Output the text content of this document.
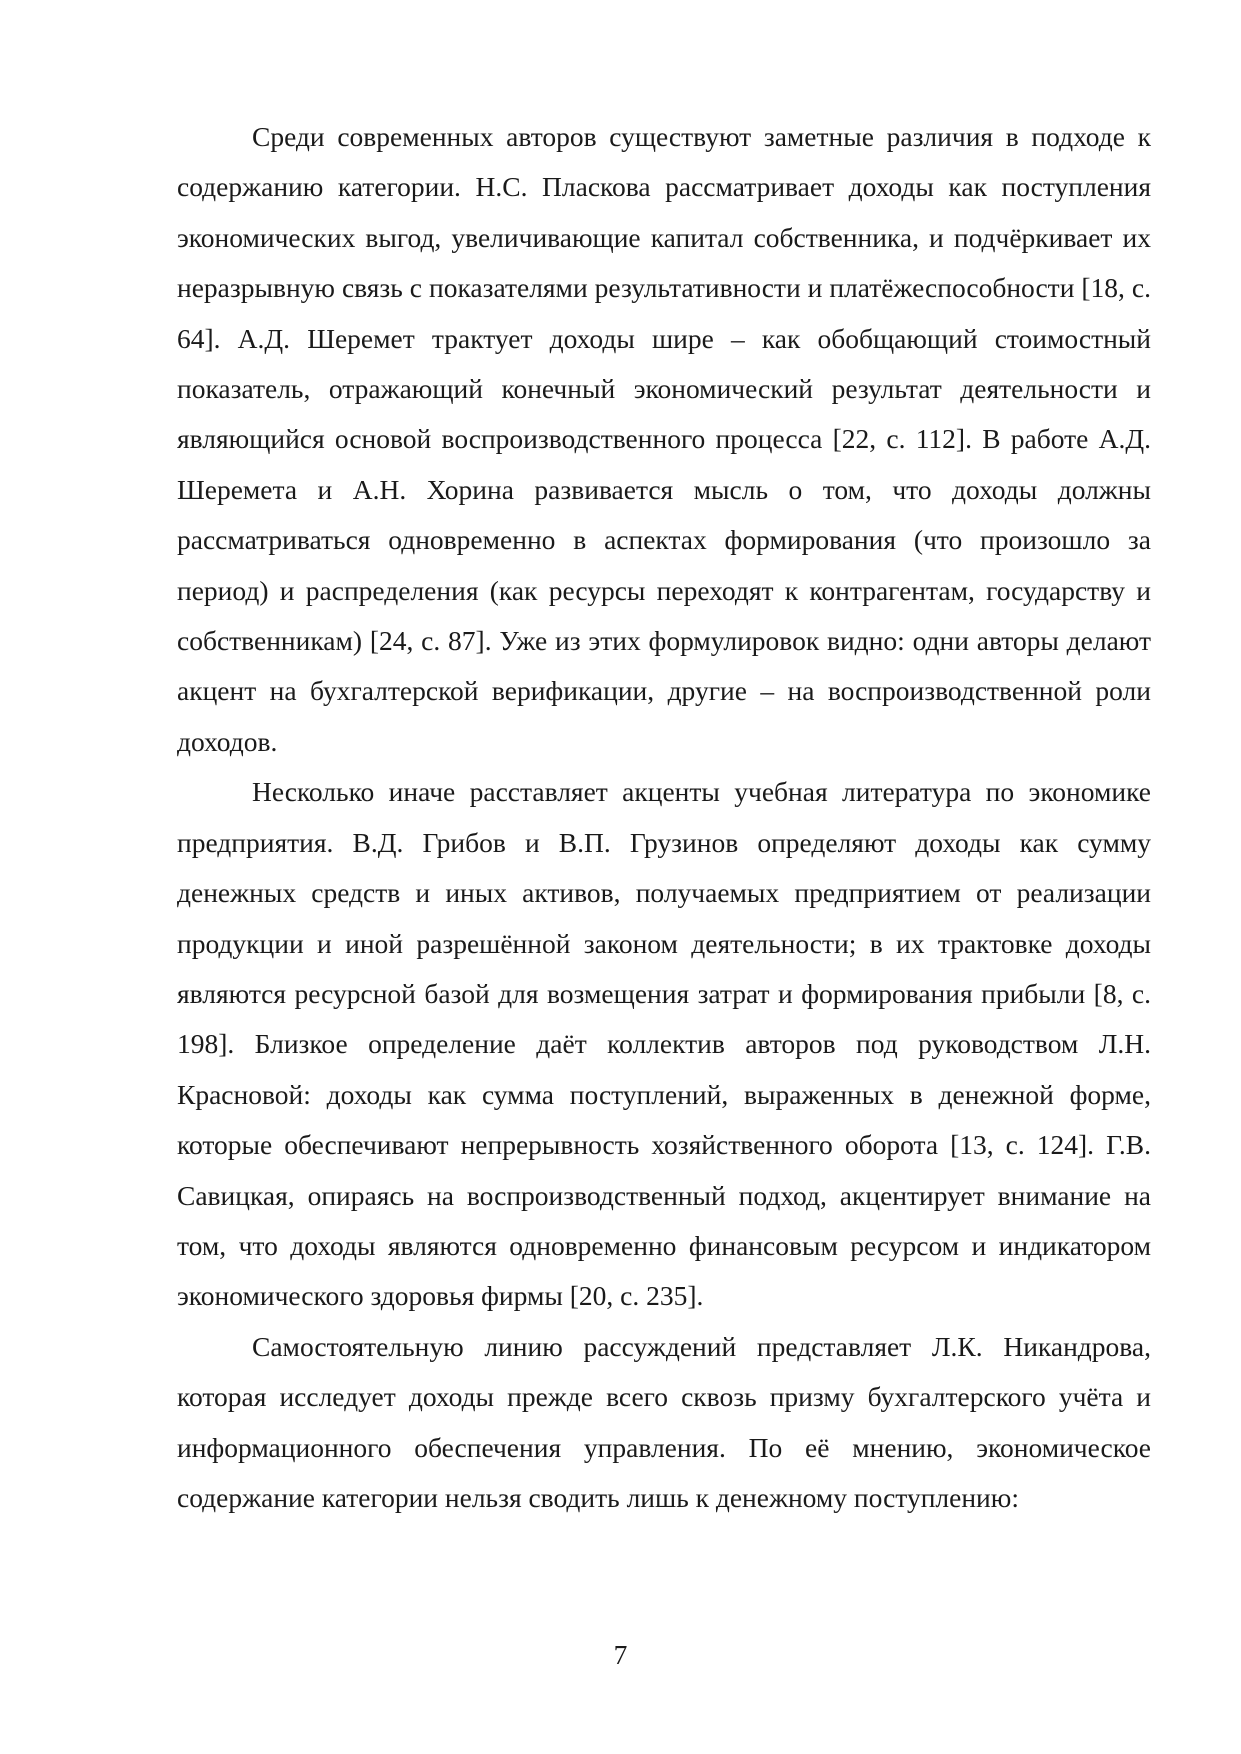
Среди современных авторов существуют заметные различия в подходе к содержанию категории. Н.С. Пласкова рассматривает доходы как поступления экономических выгод, увеличивающие капитал собственника, и подчёркивает их неразрывную связь с показателями результативности и платёжеспособности [18, с. 64]. А.Д. Шеремет трактует доходы шире – как обобщающий стоимостный показатель, отражающий конечный экономический результат деятельности и являющийся основой воспроизводственного процесса [22, с. 112]. В работе А.Д. Шеремета и А.Н. Хорина развивается мысль о том, что доходы должны рассматриваться одновременно в аспектах формирования (что произошло за период) и распределения (как ресурсы переходят к контрагентам, государству и собственникам) [24, с. 87]. Уже из этих формулировок видно: одни авторы делают акцент на бухгалтерской верификации, другие – на воспроизводственной роли доходов.

Несколько иначе расставляет акценты учебная литература по экономике предприятия. В.Д. Грибов и В.П. Грузинов определяют доходы как сумму денежных средств и иных активов, получаемых предприятием от реализации продукции и иной разрешённой законом деятельности; в их трактовке доходы являются ресурсной базой для возмещения затрат и формирования прибыли [8, с. 198]. Близкое определение даёт коллектив авторов под руководством Л.Н. Красновой: доходы как сумма поступлений, выраженных в денежной форме, которые обеспечивают непрерывность хозяйственного оборота [13, с. 124]. Г.В. Савицкая, опираясь на воспроизводственный подход, акцентирует внимание на том, что доходы являются одновременно финансовым ресурсом и индикатором экономического здоровья фирмы [20, с. 235].

Самостоятельную линию рассуждений представляет Л.К. Никандрова, которая исследует доходы прежде всего сквозь призму бухгалтерского учёта и информационного обеспечения управления. По её мнению, экономическое содержание категории нельзя сводить лишь к денежному поступлению:

7
